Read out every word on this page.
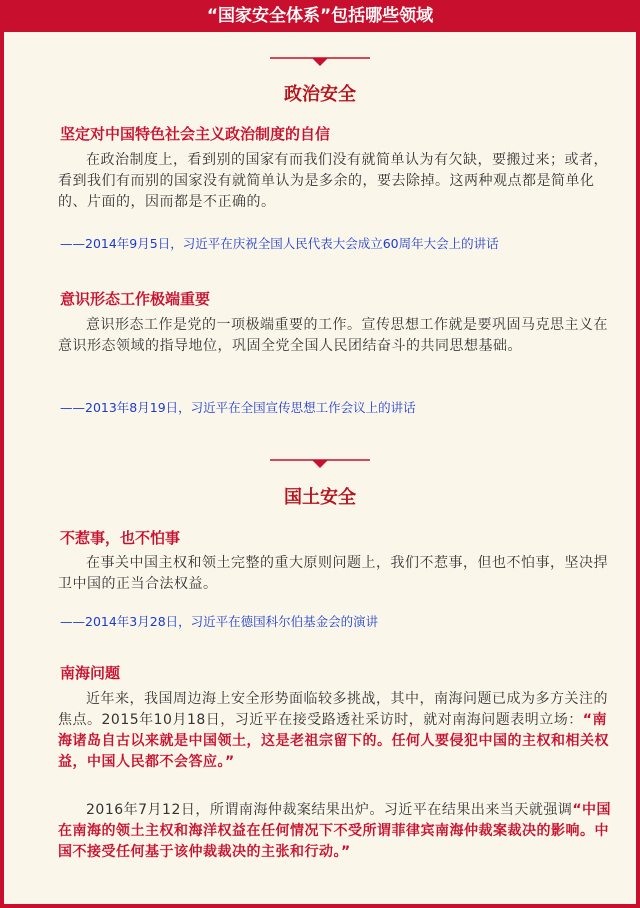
“国家安全体系”包括哪些领域
政治安全
坚定对中国特色社会主义政治制度的自信
在政治制度上，看到别的国家有而我们没有就简单认为有欠缺，要搬过来；或者，看到我们有而别的国家没有就简单认为是多余的，要去除掉。这两种观点都是简单化的、片面的，因而都是不正确的。
——2014年9月5日，习近平在庆祝全国人民代表大会成立60周年大会上的讲话
意识形态工作极端重要
意识形态工作是党的一项极端重要的工作。宣传思想工作就是要巩固马克思主义在意识形态领域的指导地位，巩固全党全国人民团结奋斗的共同思想基础。
——2013年8月19日，习近平在全国宣传思想工作会议上的讲话
国土安全
不惹事，也不怕事
在事关中国主权和领土完整的重大原则问题上，我们不惹事，但也不怕事，坚决捍卫中国的正当合法权益。
——2014年3月28日，习近平在德国科尔伯基金会的演讲
南海问题
近年来，我国周边海上安全形势面临较多挑战，其中，南海问题已成为多方关注的焦点。2015年10月18日，习近平在接受路透社采访时，就对南海问题表明立场：“南海诸岛自古以来就是中国领土，这是老祖宗留下的。任何人要侵犯中国的主权和相关权益，中国人民都不会答应。”
2016年7月12日，所谓南海仲裁案结果出炉。习近平在结果出来当天就强调“中国在南海的领土主权和海洋权益在任何情况下不受所谓菲律宾南海仲裁案裁决的影响。中国不接受任何基于该仲裁裁决的主张和行动。”
